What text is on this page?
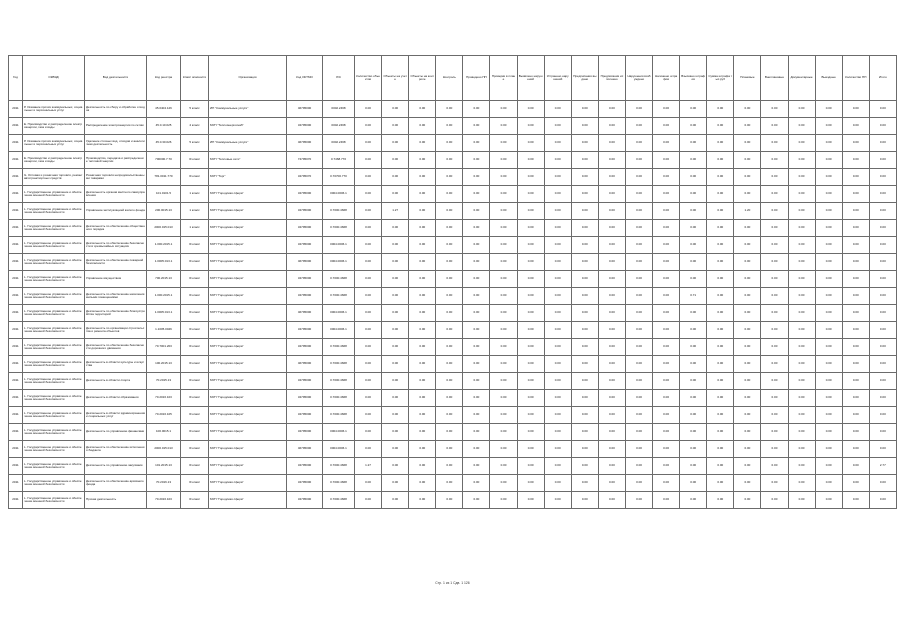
Год	ОКВЭД	Вид деятельности	Код реестра	Класс опасности	Организация	Код ОКТМО	Л/С	Количество объектов	Объекты на учете	Объекты на контроле	Контроль	Проведено ПП	Проверки в плане	Выявлено нарушений	Устранено нарушений	Предписания выдано	Предписания исполнено	Нарушения возбуждено	Наложено штрафов	Взыскано штрафов	Сумма штрафа тыс.руб	Плановые	Внеплановые	Документарные	Выездные	Количество ПП	Итого
2011	Р. Оказание прочих коммунальных, социальных и персональных услуг	Деятельность по сбору и обработке отходов	45.0404.126	5 класс	ИП "Коммунальные услуги"	46795000	0002.2468	0.00	0.00	0.00	0.00	0.00	0.00	0.00	0.00	0.00	0.00	0.00	0.00	0.00	0.00	0.00	0.00	0.00	0.00	0.00	0.00
2011	Е. Производство и распределение электроэнергии, газа и воды	Распределение электроэнергии по сетям	45.0.10.025	4 класс	МУП "Теплоэнергоснаб"	34795000	0002.2468	0.00	0.00	0.00	0.00	0.00	0.00	0.00	0.00	0.00	0.00	0.00	0.00	0.00	0.00	0.00	0.00	0.00	0.00	0.00	0.00
2011	Р. Оказание прочих коммунальных, социальных и персональных услуг	Удаление сточных вод, отходов и аналогичная деятельность	45.0.30.026	5 класс	ИП "Коммунальные услуги"	46795000	0002.2468	0.00	0.00	0.00	0.00	0.00	0.00	0.00	0.00	0.00	0.00	0.00	0.00	0.00	0.00	0.00	0.00	0.00	0.00	0.00	0.00
2011	Е. Производство и распределение электроэнергии, газа и воды	Производство, передача и распределение тепловой энергии	700000.7.70	III класс	МУП "Тепловые сети"	74795070	0.7468.770	0.00	0.00	0.00	0.00	0.00	0.00	0.00	0.00	0.00	0.00	0.00	0.00	0.00	0.00	0.00	0.00	0.00	0.00	0.00	0.00
2011	G. Оптовая и розничная торговля, ремонт автотранспортных средств	Розничная торговля непродовольственными товарами	781.0011.770	III класс	МУП "Торг"	34795070	0.70700.770	0.00	0.00	0.00	0.00	0.00	0.00	0.00	0.00	0.00	0.00	0.00	0.00	0.00	0.00	0.00	0.00	0.00	0.00	0.00	0.00
2011	L. Государственное управление и обеспечение военной безопасности	Деятельность органов местного самоуправления	101.0101.5	1 класс	МУП "Городская сфера"	34795000	0004.0006.1	0.00	0.00	0.00	0.00	0.00	0.00	0.00	0.00	0.00	0.00	0.00	0.00	0.00	0.00	0.00	0.00	0.00	0.00	0.00	0.00
2011	L. Государственное управление и обеспечение военной безопасности	Управление эксплуатацией жилого фонда	200.0015.13	1 класс	МУП "Городская сфера"	34795000	0.7000.4668	0.00	1.27	0.00	0.00	0.00	0.00	0.00	0.00	0.00	0.00	0.00	0.00	0.00	0.00	1.20	0.00	0.00	0.00	0.00	0.00
2011	L. Государственное управление и обеспечение военной безопасности	Деятельность по обеспечению общественного порядка	2000.015.013	1 класс	МУП "Городская сфера"	34795000	0.7000.4668	0.00	0.00	0.00	0.00	0.00	0.00	0.00	0.00	0.00	0.00	0.00	0.00	0.00	0.00	0.00	0.00	0.00	0.00	0.00	0.00
2011	L. Государственное управление и обеспечение военной безопасности	Деятельность по обеспечению безопасности в чрезвычайных ситуациях	1.000.2015.1	III класс	МУП "Городская сфера"	34795000	0004.0006.1	0.00	0.00	0.00	0.00	0.00	0.00	0.00	0.00	0.00	0.00	0.00	0.00	0.00	0.00	0.00	0.00	0.00	0.00	0.00	0.00
2011	L. Государственное управление и обеспечение военной безопасности	Деятельность по обеспечению пожарной безопасности	1.0005.013.1	III класс	МУП "Городская сфера"	46795000	0004.0006.1	0.00	0.00	0.00	0.00	0.00	0.00	0.00	0.00	0.00	0.00	0.00	0.00	0.00	0.00	0.00	0.00	0.00	0.00	0.00	0.00
2011	L. Государственное управление и обеспечение военной безопасности	Управление имуществом	700.2015.13	III класс	МУП "Городская сфера"	34795000	0.7000.4668	0.00	0.00	0.00	0.00	0.00	0.00	0.00	0.00	0.00	0.00	0.00	0.00	0.00	0.00	0.00	0.00	0.00	0.00	0.00	0.00
2011	L. Государственное управление и обеспечение военной безопасности	Деятельность по обеспечению населения жилыми помещениями	1.000.2015.1	III класс	МУП "Городская сфера"	34795000	0.7000.4668	0.00	0.00	0.00	0.00	0.00	0.00	0.00	0.00	0.00	0.00	0.00	0.00	0.71	0.00	0.00	0.00	0.00	0.00	0.00	0.00
2011	L. Государственное управление и обеспечение военной безопасности	Деятельность по обеспечению благоустройства территорий	1.0005.013.1	III класс	МУП "Городская сфера"	46795000	0004.0006.1	0.00	0.00	0.00	0.00	0.00	0.00	0.00	0.00	0.00	0.00	0.00	0.00	0.00	0.00	0.00	0.00	0.00	0.00	0.00	0.00
2011	L. Государственное управление и обеспечение военной безопасности	Деятельность по организации строительства и ремонта объектов	1.1005.0046	III класс	МУП "Городская сфера"	34795000	0004.0006.1	0.00	0.00	0.00	0.00	0.00	0.00	0.00	0.00	0.00	0.00	0.00	0.00	0.00	0.00	0.00	0.00	0.00	0.00	0.00	0.00
2011	L. Государственное управление и обеспечение военной безопасности	Деятельность по обеспечению безопасности дорожного движения	70.7001.203	III класс	МУП "Городская сфера"	34795000	0.7000.4668	0.00	0.00	0.00	0.00	0.00	0.00	0.00	0.00	0.00	0.00	0.00	0.00	0.00	0.00	0.00	0.00	0.00	0.00	0.00	0.00
2011	L. Государственное управление и обеспечение военной безопасности	Деятельность в области культуры и искусства	100.2015.13	III класс	МУП "Городская сфера"	46795000	0.7000.4668	0.00	0.00	0.00	0.00	0.00	0.00	0.00	0.00	0.00	0.00	0.00	0.00	0.00	0.00	0.00	0.00	0.00	0.00	0.00	0.00
2011	L. Государственное управление и обеспечение военной безопасности	Деятельность в области спорта	70.2015.13	III класс	МУП "Городская сфера"	34795000	0.7000.4668	0.00	0.00	0.00	0.00	0.00	0.00	0.00	0.00	0.00	0.00	0.00	0.00	0.00	0.00	0.00	0.00	0.00	0.00	0.00	0.00
2011	L. Государственное управление и обеспечение военной безопасности	Деятельность в области образования	70.2016.103	III класс	МУП "Городская сфера"	34795000	0.7000.4668	0.00	0.00	0.00	0.00	0.00	0.00	0.00	0.00	0.00	0.00	0.00	0.00	0.00	0.00	0.00	0.00	0.00	0.00	0.00	0.00
2011	L. Государственное управление и обеспечение военной безопасности	Деятельность в области здравоохранения и социальных услуг	70.2016.105	III класс	МУП "Городская сфера"	34795000	0.7000.4668	0.00	0.00	0.00	0.00	0.00	0.00	0.00	0.00	0.00	0.00	0.00	0.00	0.00	0.00	0.00	0.00	0.00	0.00	0.00	0.00
2011	L. Государственное управление и обеспечение военной безопасности	Деятельность по управлению финансами	100.0015.1	III класс	МУП "Городская сфера"	34795000	0004.0006.1	0.00	0.00	0.00	0.00	0.00	0.00	0.00	0.00	0.00	0.00	0.00	0.00	0.00	0.00	0.00	0.00	0.00	0.00	0.00	0.00
2011	L. Государственное управление и обеспечение военной безопасности	Деятельность по обеспечению исполнения бюджета	2000.015.013	III класс	МУП "Городская сфера"	46795000	0004.0006.1	0.00	0.00	0.00	0.00	0.00	0.00	0.00	0.00	0.00	0.00	0.00	0.00	0.00	0.00	0.00	0.00	0.00	0.00	0.00	0.00
2011	L. Государственное управление и обеспечение военной безопасности	Деятельность по управлению закупками	101.2015.13	III класс	МУП "Городская сфера"	34795000	0.7000.4668	1.27	0.00	0.00	0.00	0.00	0.00	0.00	0.00	0.00	0.00	0.00	0.00	0.00	0.00	0.00	0.00	0.00	0.00	0.00	2.77
2011	L. Государственное управление и обеспечение военной безопасности	Деятельность по обеспечению архивного фонда	70.2016.13	III класс	МУП "Городская сфера"	34795000	0.7000.4668	0.00	0.00	0.00	0.00	0.00	0.00	0.00	0.00	0.00	0.00	0.00	0.00	0.00	0.00	0.00	0.00	0.00	0.00	0.00	0.00
2011	L. Государственное управление и обеспечение военной безопасности	Прочая деятельность	70.2016.103	III класс	МУП "Городская сфера"	34795000	0.7000.4668	0.00	0.00	0.00	0.00	0.00	0.00	0.00	0.00	0.00	0.00	0.00	0.00	0.00	0.00	0.00	0.00	0.00	0.00	0.00	0.00
Стр. 1 из 1 Сдв. 1 126
